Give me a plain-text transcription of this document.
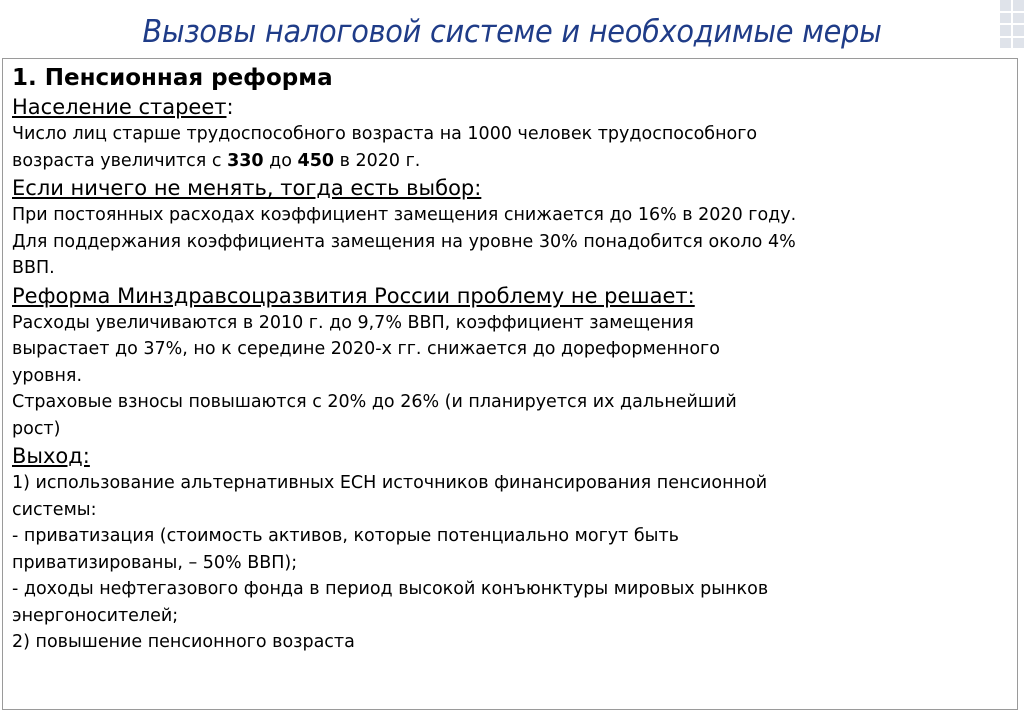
Вызовы налоговой системе и необходимые меры

1. Пенсионная реформа

Население стареет:

Число лиц старше трудоспособного возраста на 1000 человек трудоспособного

возраста увеличится с 330 до 450 в 2020 г.

Если ничего не менять, тогда есть выбор:

При постоянных расходах коэффициент замещения снижается до 16% в 2020 году.

Для поддержания коэффициента замещения на уровне 30% понадобится около 4%

ВВП.

Реформа Минздравсоцразвития России проблему не решает:

Расходы увеличиваются в 2010 г. до 9,7% ВВП, коэффициент замещения

вырастает до 37%, но к середине 2020-х гг. снижается до дореформенного

уровня.

Страховые взносы повышаются с 20% до 26% (и планируется их дальнейший

рост)

Выход:

1) использование альтернативных ЕСН источников финансирования пенсионной

системы:

- приватизация (стоимость активов, которые потенциально могут быть

приватизированы, – 50% ВВП);

- доходы нефтегазового фонда в период высокой конъюнктуры мировых рынков

энергоносителей;

2) повышение пенсионного возраста
